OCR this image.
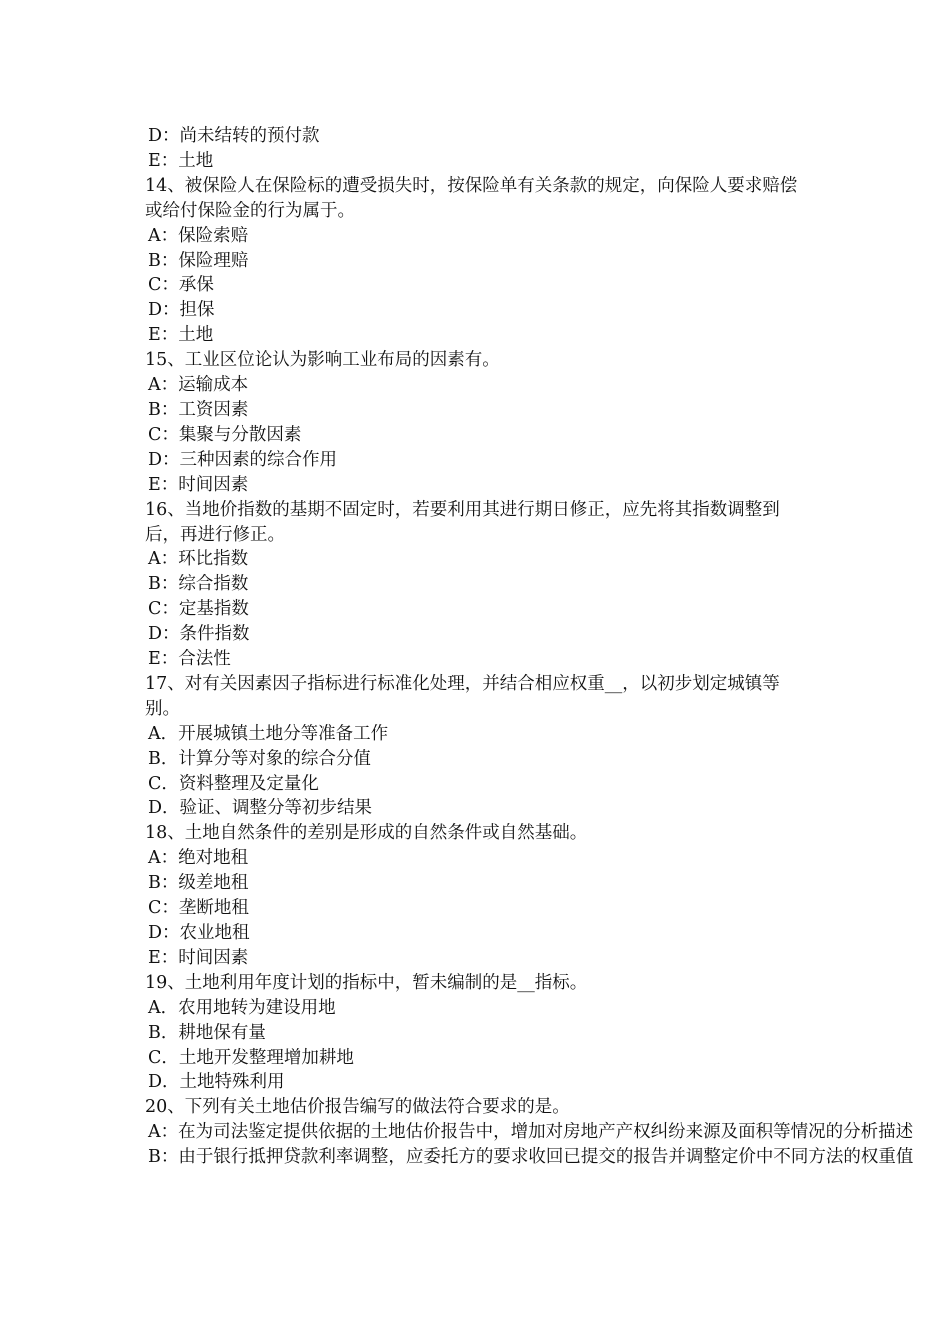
D：尚未结转的预付款
E：土地
14、被保险人在保险标的遭受损失时，按保险单有关条款的规定，向保险人要求赔偿或给付保险金的行为属于。
A：保险索赔
B：保险理赔
C：承保
D：担保
E：土地
15、工业区位论认为影响工业布局的因素有。
A：运输成本
B：工资因素
C：集聚与分散因素
D：三种因素的综合作用
E：时间因素
16、当地价指数的基期不固定时，若要利用其进行期日修正，应先将其指数调整到后，再进行修正。
A：环比指数
B：综合指数
C：定基指数
D：条件指数
E：合法性
17、对有关因素因子指标进行标准化处理，并结合相应权重__，以初步划定城镇等别。
A．开展城镇土地分等准备工作
B．计算分等对象的综合分值
C．资料整理及定量化
D．验证、调整分等初步结果
18、土地自然条件的差别是形成的自然条件或自然基础。
A：绝对地租
B：级差地租
C：垄断地租
D：农业地租
E：时间因素
19、土地利用年度计划的指标中，暂未编制的是__指标。
A．农用地转为建设用地
B．耕地保有量
C．土地开发整理增加耕地
D．土地特殊利用
20、下列有关土地估价报告编写的做法符合要求的是。
A：在为司法鉴定提供依据的土地估价报告中，增加对房地产产权纠纷来源及面积等情况的分析描述
B：由于银行抵押贷款利率调整，应委托方的要求收回已提交的报告并调整定价中不同方法的权重值
